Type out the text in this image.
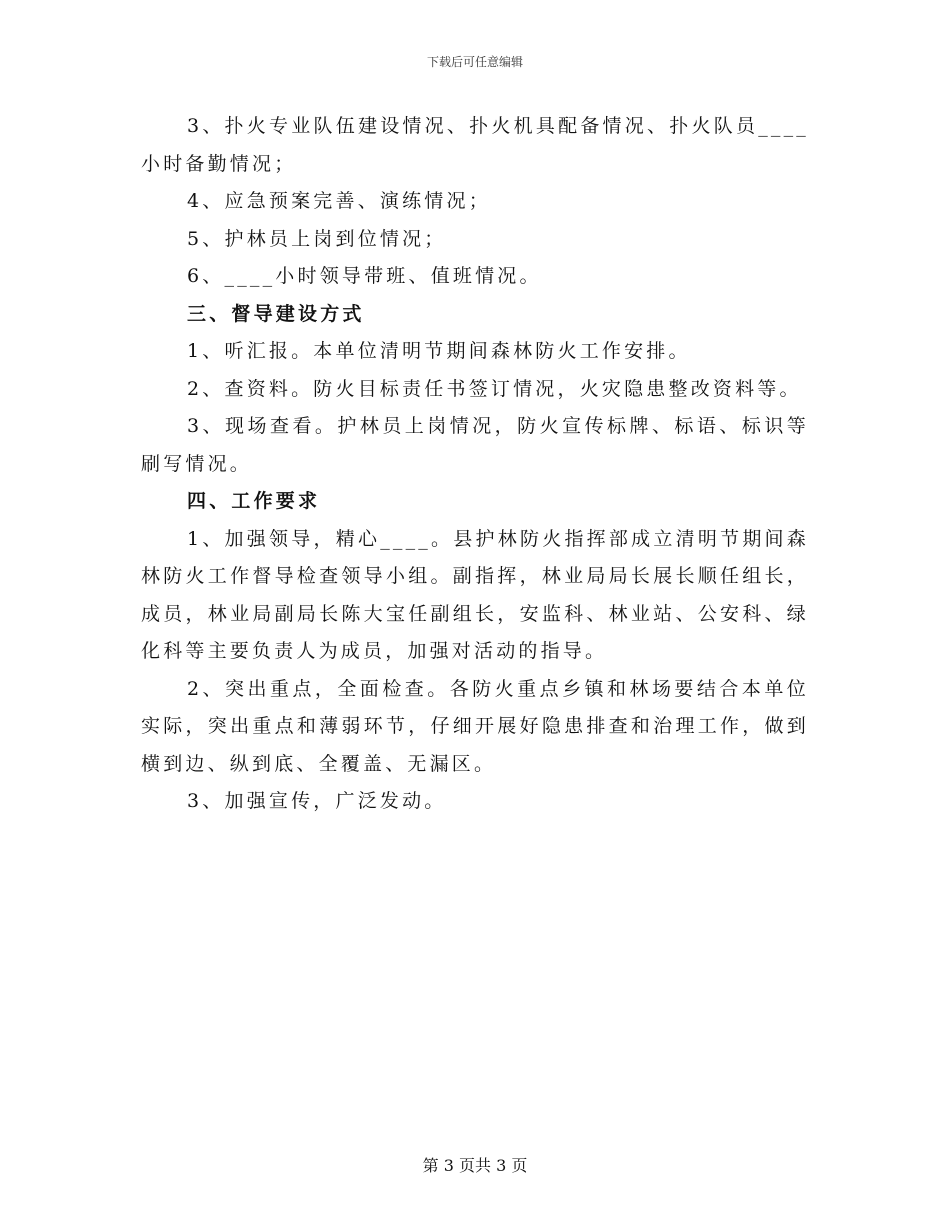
下载后可任意编辑

3、扑火专业队伍建设情况、扑火机具配备情况、扑火队员____小时备勤情况；

4、应急预案完善、演练情况；

5、护林员上岗到位情况；

6、____小时领导带班、值班情况。

三、督导建设方式

1、听汇报。本单位清明节期间森林防火工作安排。

2、查资料。防火目标责任书签订情况，火灾隐患整改资料等。

3、现场查看。护林员上岗情况，防火宣传标牌、标语、标识等刷写情况。

四、工作要求

1、加强领导，精心____。县护林防火指挥部成立清明节期间森林防火工作督导检查领导小组。副指挥，林业局局长展长顺任组长，成员，林业局副局长陈大宝任副组长，安监科、林业站、公安科、绿化科等主要负责人为成员，加强对活动的指导。

2、突出重点，全面检查。各防火重点乡镇和林场要结合本单位实际，突出重点和薄弱环节，仔细开展好隐患排查和治理工作，做到横到边、纵到底、全覆盖、无漏区。

3、加强宣传，广泛发动。

第 3 页共 3 页
